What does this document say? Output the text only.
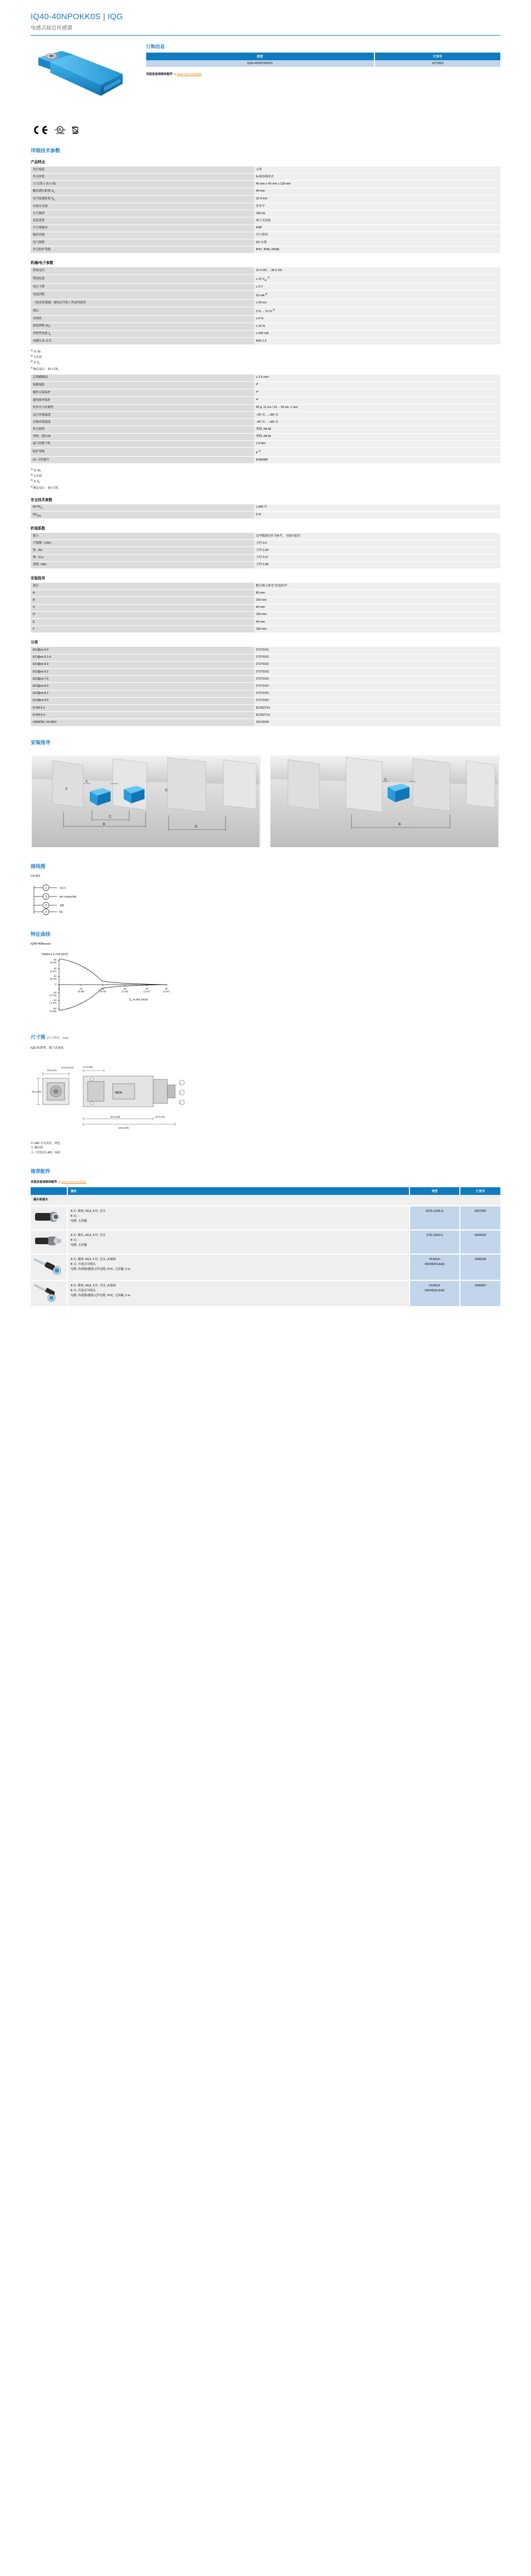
IQ40-40NPOKK0S | IQG
电感式接近传感器
订购信息
类型	订货号
IQ40-40NPOKK0S	1071853
其他设备规格和配件 ➜ www.sick.com/IQG
c UL us
LISTED
详细技术参数
产品特点
设计构造	方形
外壳形状	标准结构形式
尺寸(宽 x 高 x 深)	40 mm x 40 mm x 118 mm
触发感应距离 $S_n$	40 mm
安全接通距离 $S_a$	32.4 mm
安装在金属	非齐平
开关频率	100 Hz
连接类型	端子式连接
开关量输出	PNP
输出功能	开口常闭
电气规格	DC 3 线
外壳防护等级	IP67, IP68, IP69K
机械/电子参数
供电电压	10 V DC ... 30 V DC
残余纹波	≤ 10 $V_{ss}$ $^{1)}$
电压下降	≤ 2 V
电流消耗	20 mA $^{2)}$
（接近传感器）通电后开始工作前的延时	≤ 50 ms
滞后	3 % ... 15 % $^{3)}$
再现性	≤ 6 %
温度漂移 $(S_r)$	± 10 %
持续性电流 $I_a$	≤ 200 mA
电缆压盖 夹具	M20 1.5
$^{1)}$ 从 Ub.
$^{2)}$ 无负荷.
$^{3)}$ 从 $S_r$.
$^{4)}$ 额定电压： 50 V DC.
芯线横截面	≤ 2.5 mm²
短路保险	✔
极性反接保护	✔
通电脉冲保护	✔
抗冲击与抗振性	30 g, 11 ms / 10 ... 55 Hz, 1 mm
运行环境温度	–25 °C ... +85 °C
存储环境温度	–40 °C ... +85 °C
外壳材料	塑料, PA 66
材料，感应面	塑料, PA 66
最大扭紧力矩	1.8 Nm
防护等级	II $^{4)}$
UL 文件编号	E340498
$^{1)}$ 从 Ub.
$^{2)}$ 无负荷.
$^{3)}$ 从 $S_r$.
$^{4)}$ 额定电压： 50 V DC.
安全技术参数
$MTTF_D$	1,406 年
$DC_{avg}$	0 %
折现系数
提示	这些数据仅作为参考，可能有偏差
不锈钢（V2A）	大约 0.9
铝（Al）	大约 0.34
铜（Cu）	大约 0.27
黄铜（Ms）	大约 0.38
安装指导
备注	帽关图示参见"安装指导"
A	80 mm
B	150 mm
C	40 mm
D	120 mm
E	40 mm
F	150 mm
分类
ECl@ss 5.0	27270101
ECl@ss 5.1.4	27270101
ECl@ss 6.0	27270101
ECl@ss 6.2	27270101
ECl@ss 7.0	27270101
ECl@ss 8.0	27270101
ECl@ss 8.1	27270101
ECl@ss 9.0	27270101
ETIM 5.0	EC002714
ETIM 6.0	EC002714
UNSPSC 16.0901	39122030
安装指导
A
C
B
D
E
F
A
B
接线图
Cd-341
1
2
3
4
+(L+)
not connected
-(M)
NC
特征曲线
IQ40-40Nxxxxx
Distance in mm (inch)
60
(3.05)
40
(1.57)
20
(0.79)
0
-20
(-0.79)
-40
(-1.57)
-60
(-3.05)
0	10
(0.39)
20
(0.79)
30
(1.18)
40
(1.57)
50
(1.97)
$S_n$ in mm (inch)
尺寸图 (尺寸单位：mm)
IQG 标准型，端子式连接
40 (1.57)
40 (1.57)
21 (0.83)
60 (2.36)
118 (4.65)
40 (1.57)
ø 5,5 (0.22)
1
2
3
SICK
① LED 开关状态，黄色
② 感应面
③ 工作状态 LED，绿色
推荐配件
其他设备规格和配件 ➜ www.sick.com/IQG
	描述	类型	订货号
插头和接头			

A 头: 插座, M12, 4 针, 直头
B 头: -
电缆: 无屏蔽	DOS-1204-G	6007302

A 头: 插头, M12, 4 针, 直头
B 头: -
电缆: 无屏蔽	STE-1204-G	6009932

A 头: 插座, M12, 4 针, 直头, A 编码
B 头: 开放式导线头
电缆: 传感器/激励元件电缆, PVC, 无屏蔽, 5 m
	YF2A14-
050VB3XLEAX	2096235

A 头: 插座, M12, 4 针, 弯头, A 编码
B 头: 开放式导线头
电缆: 传感器/激励元件电缆, PVC, 无屏蔽, 5 m
	YG2A14-
050VB3XLEAX	2095897
